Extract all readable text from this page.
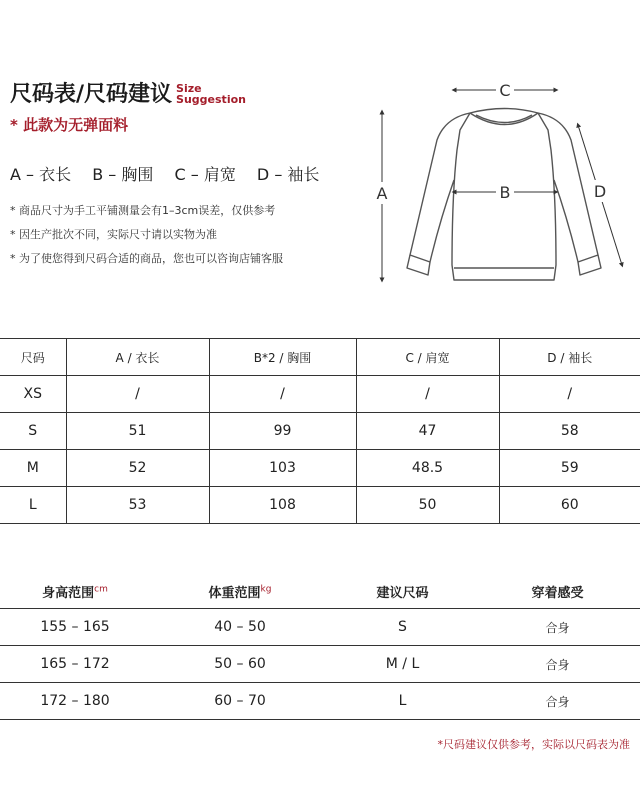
尺码表/尺码建议 Size
Suggestion
* 此款为无弹面料
A – 衣长 B – 胸围 C – 肩宽 D – 袖长
* 商品尺寸为手工平铺测量会有1–3cm误差，仅供参考
* 因生产批次不同，实际尺寸请以实物为准
* 为了使您得到尺码合适的商品，您也可以咨询店铺客服
C
B
A	D
尺码	A / 衣长	B*2 / 胸围	C / 肩宽	D / 袖长
XS	/	/	/	/
S	51	99	47	58
M	52	103	48.5	59
L	53	108	50	60
身高范围$^{cm}$	体重范围$^{kg}$	建议尺码	穿着感受
155 – 165	40 – 50	S	合身
165 – 172	50 – 60	M / L	合身
172 – 180	60 – 70	L	合身
*尺码建议仅供参考，实际以尺码表为准
